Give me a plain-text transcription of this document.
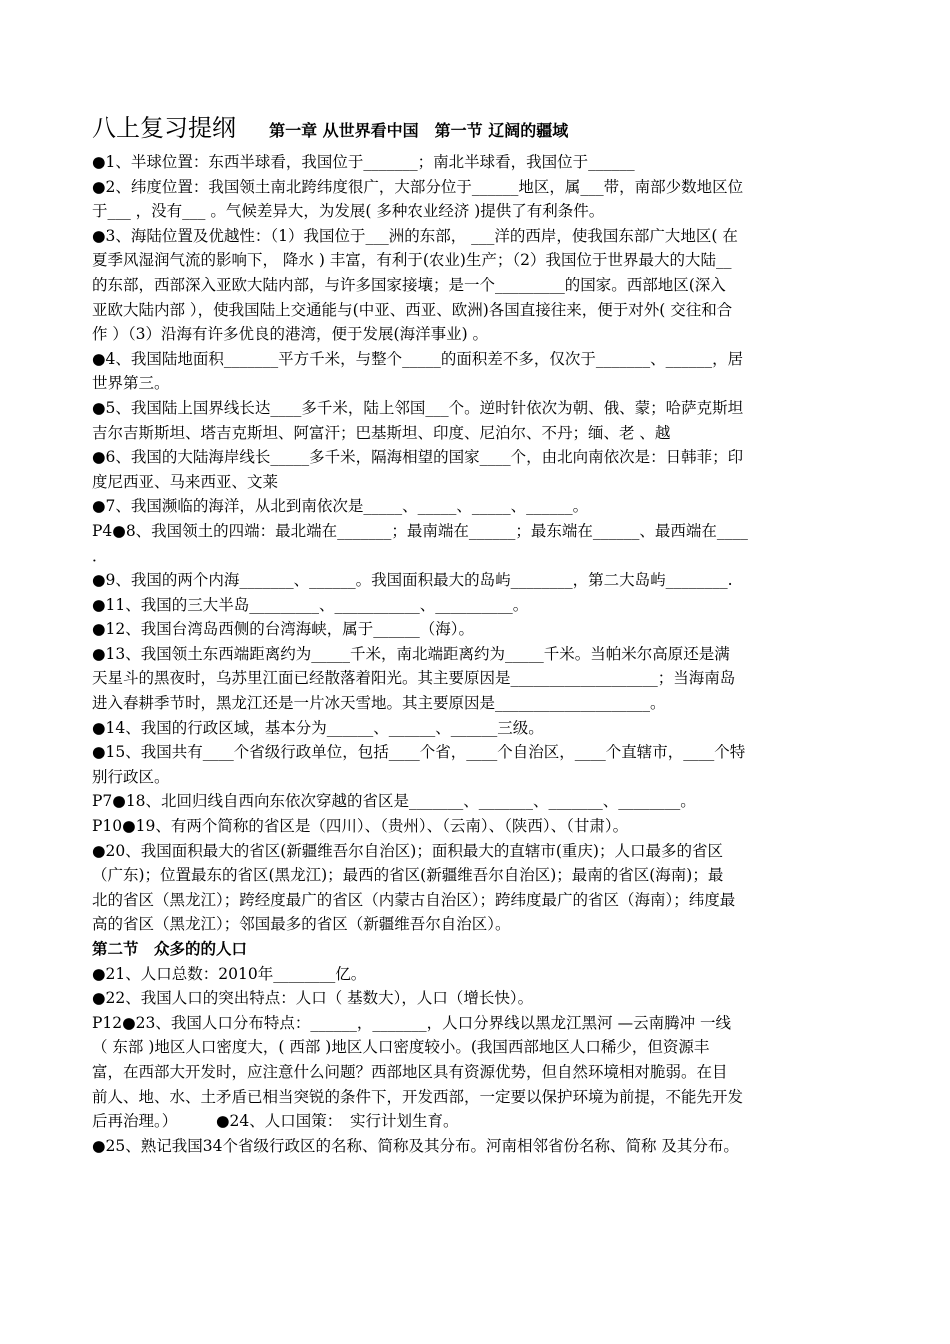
八上复习提纲 第一章 从世界看中国　第一节 辽阔的疆域
●1、半球位置：东西半球看，我国位于_______；南北半球看，我国位于______
●2、纬度位置：我国领土南北跨纬度很广，大部分位于______地区，属___带，南部少数地区位
于___ ，没有___ 。气候差异大，为发展( 多种农业经济 )提供了有利条件。
●3、海陆位置及优越性：（1）我国位于___洲的东部， ___洋的西岸，使我国东部广大地区( 在
夏季风湿润气流的影响下， 降水 ) 丰富，有利于(农业)生产；（2）我国位于世界最大的大陆__
的东部，西部深入亚欧大陆内部，与许多国家接壤；是一个_________的国家。西部地区(深入
亚欧大陆内部 ），使我国陆上交通能与(中亚、西亚、欧洲)各国直接往来，便于对外( 交往和合
作 ）（3）沿海有许多优良的港湾，便于发展(海洋事业) 。
●4、我国陆地面积_______平方千米，与整个_____的面积差不多，仅次于_______、______，居
世界第三。
●5、我国陆上国界线长达____多千米，陆上邻国___个。逆时针依次为朝、俄、蒙；哈萨克斯坦
吉尔吉斯斯坦、塔吉克斯坦、阿富汗；巴基斯坦、印度、尼泊尔、不丹；缅、老 、越
●6、我国的大陆海岸线长_____多千米，隔海相望的国家____个，由北向南依次是：日韩菲；印
度尼西亚、马来西亚、文莱
●7、我国濒临的海洋，从北到南依次是_____、_____、_____、______。
P4●8、我国领土的四端：最北端在_______；最南端在______；最东端在______、最西端在____
．
●9、我国的两个内海_______、______。我国面积最大的岛屿________，第二大岛屿________.
●11、我国的三大半岛_________、___________、__________。
●12、我国台湾岛西侧的台湾海峡，属于______（海）。
●13、我国领土东西端距离约为_____千米，南北端距离约为_____千米。当帕米尔高原还是满
天星斗的黑夜时，乌苏里江面已经散落着阳光。其主要原因是___________________；当海南岛
进入春耕季节时，黑龙江还是一片冰天雪地。其主要原因是____________________。
●14、我国的行政区域，基本分为______、______、______三级。
●15、我国共有____个省级行政单位，包括____个省，____个自治区，____个直辖市，____个特
别行政区。
P7●18、北回归线自西向东依次穿越的省区是_______、_______、_______、________。
P10●19、有两个简称的省区是（四川）、（贵州）、（云南）、（陕西）、（甘肃）。
●20、我国面积最大的省区(新疆维吾尔自治区)；面积最大的直辖市(重庆)；人口最多的省区
（广东)；位置最东的省区(黑龙江)；最西的省区(新疆维吾尔自治区)；最南的省区(海南)；最
北的省区（黑龙江）；跨经度最广的省区（内蒙古自治区）；跨纬度最广的省区（海南）；纬度最
高的省区（黑龙江）；邻国最多的省区（新疆维吾尔自治区）。
第二节　众多的的人口
●21、人口总数：2010年________亿。
●22、我国人口的突出特点：人口（ 基数大），人口（增长快）。
P12●23、我国人口分布特点：______，_______，人口分界线以黑龙江黑河 —云南腾冲 一线
（ 东部 )地区人口密度大，( 西部 )地区人口密度较小。(我国西部地区人口稀少，但资源丰
富，在西部大开发时，应注意什么问题？西部地区具有资源优势，但自然环境相对脆弱。在目
前人、地、水、土矛盾已相当突锐的条件下，开发西部，一定要以保护环境为前提，不能先开发
后再治理。）　　　●24、人口国策：　实行计划生育。
●25、熟记我国34个省级行政区的名称、简称及其分布。河南相邻省份名称、简称 及其分布。
